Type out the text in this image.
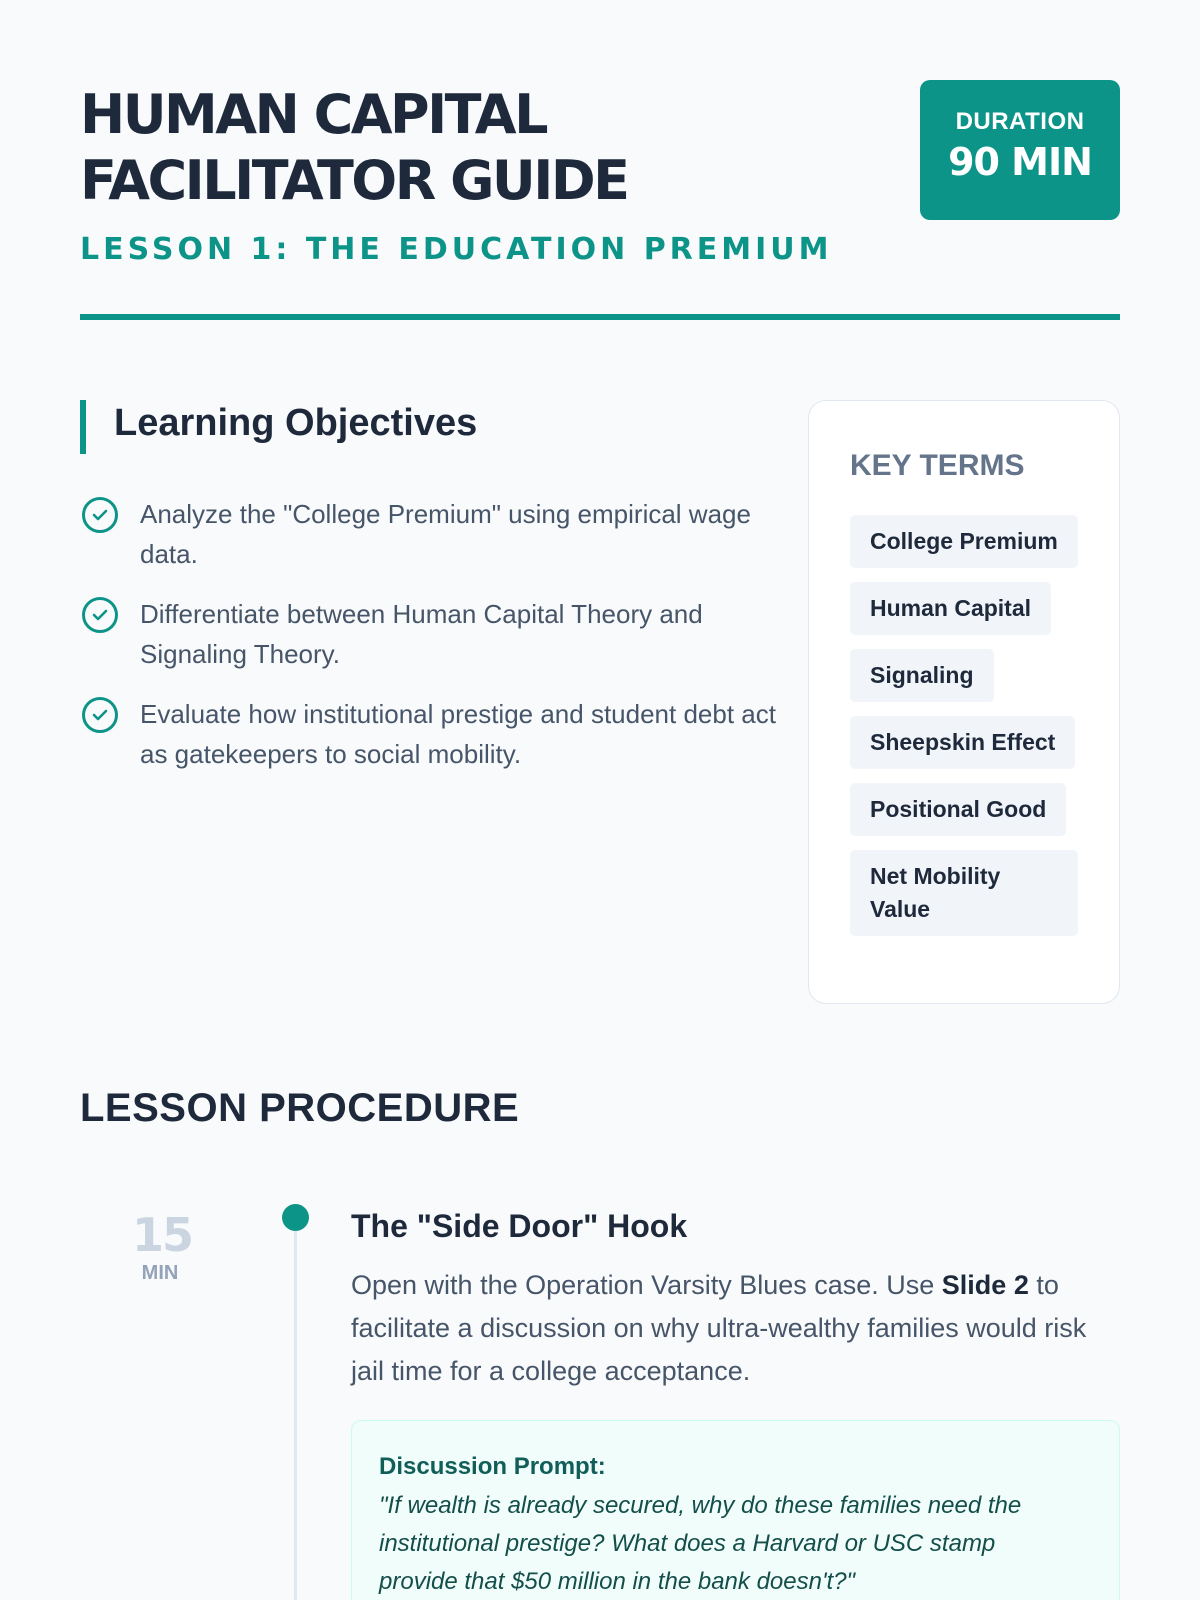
HUMAN CAPITAL
FACILITATOR GUIDE
LESSON 1: THE EDUCATION PREMIUM
DURATION
90 MIN
Learning Objectives
Analyze the "College Premium" using empirical wage data.
Differentiate between Human Capital Theory and Signaling Theory.
Evaluate how institutional prestige and student debt act as gatekeepers to social mobility.
KEY TERMS
College Premium
Human Capital
Signaling
Sheepskin Effect
Positional Good
Net Mobility Value
LESSON PROCEDURE
15
MIN
The "Side Door" Hook

Open with the Operation Varsity Blues case. Use Slide 2 to facilitate a discussion on why ultra-wealthy families would risk jail time for a college acceptance.

Discussion Prompt:
"If wealth is already secured, why do these families need the institutional prestige? What does a Harvard or USC stamp provide that $50 million in the bank doesn't?"
